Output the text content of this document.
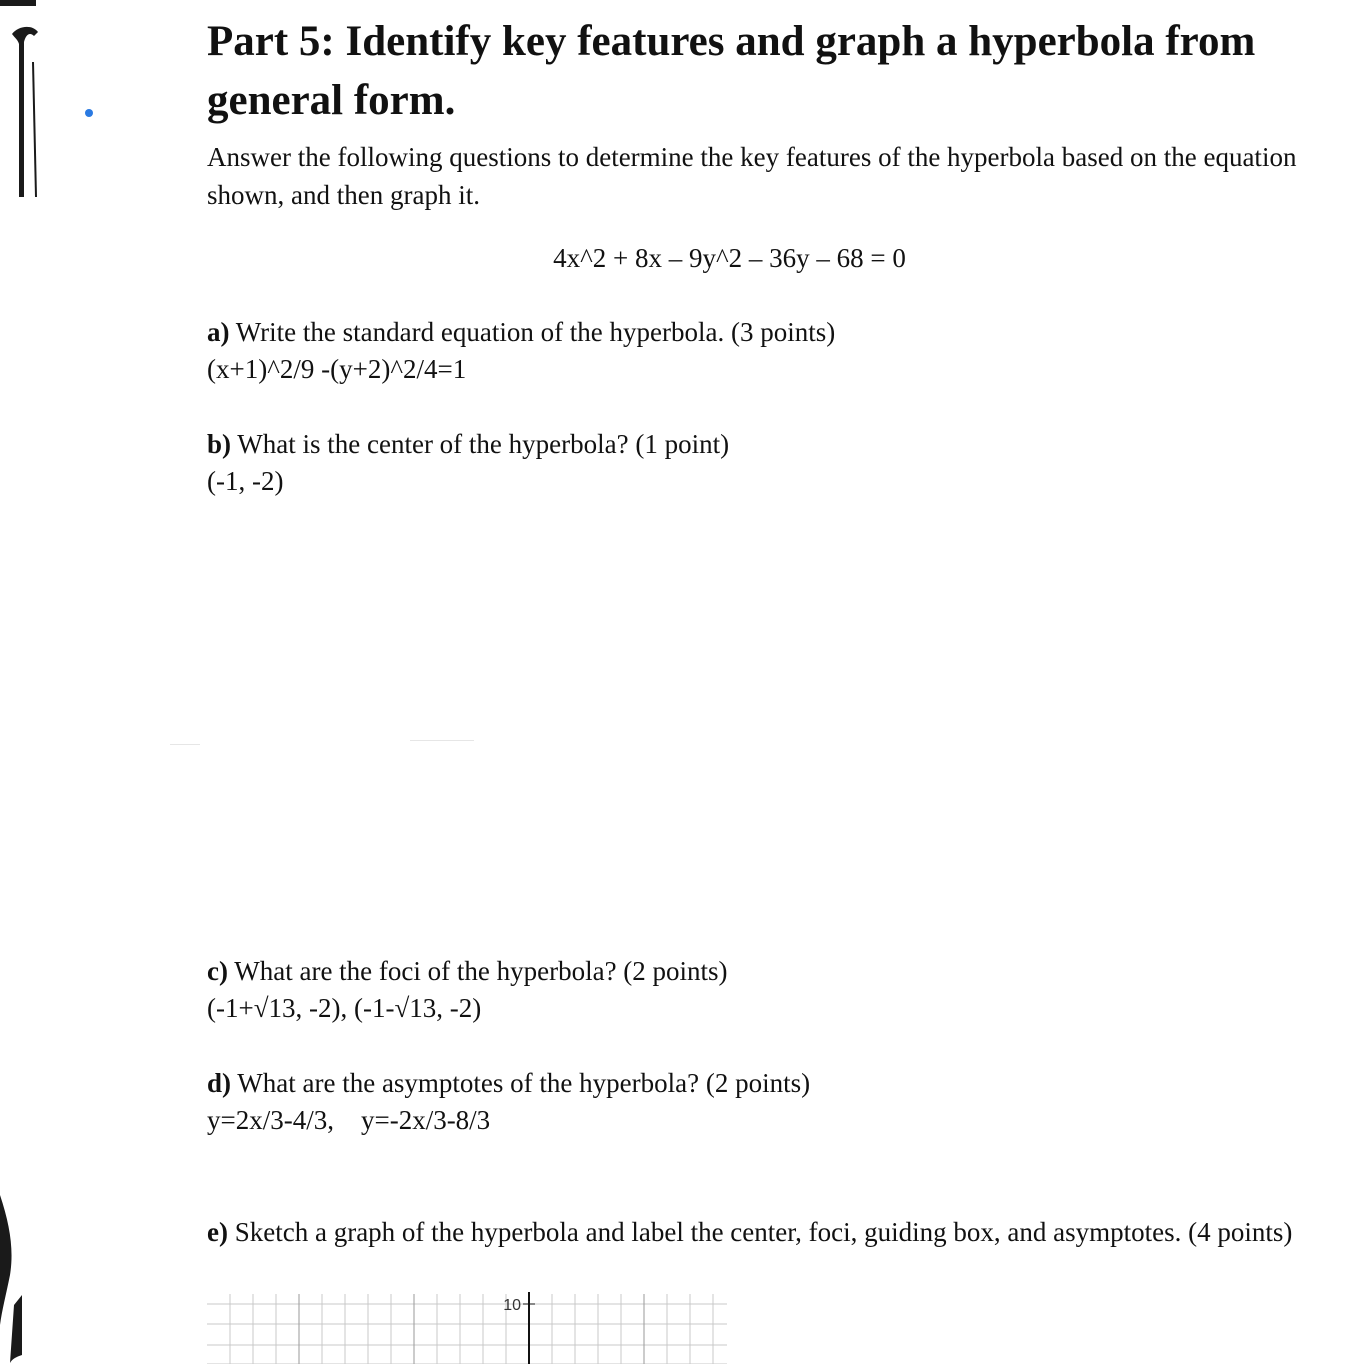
Part 5: Identify key features and graph a hyperbola from general form.

Answer the following questions to determine the key features of the hyperbola based on the equation shown, and then graph it.

4x^2 + 8x – 9y^2 – 36y – 68 = 0
a) Write the standard equation of the hyperbola. (3 points)
(x+1)^2/9 -(y+2)^2/4=1
b) What is the center of the hyperbola? (1 point)
(-1, -2)
c) What are the foci of the hyperbola? (2 points)
(-1+√13, -2), (-1-√13, -2)
d) What are the asymptotes of the hyperbola? (2 points)
y=2x/3-4/3,    y=-2x/3-8/3
e) Sketch a graph of the hyperbola and label the center, foci, guiding box, and asymptotes. (4 points)
10
